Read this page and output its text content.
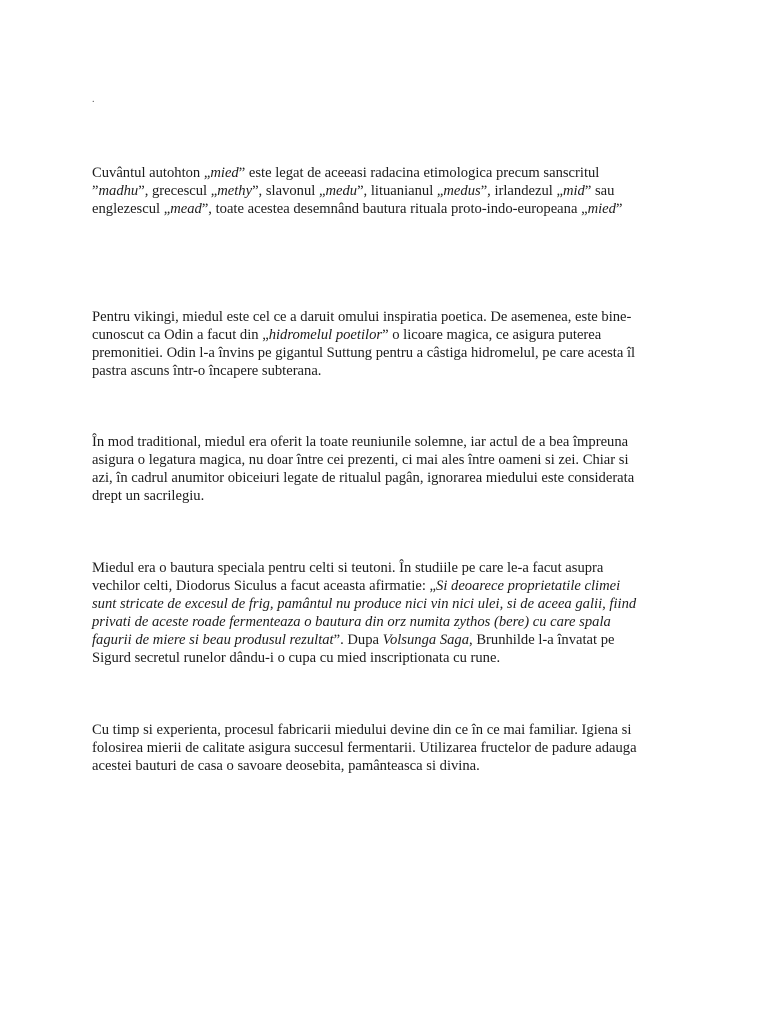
.

Cuvântul autohton „mied” este legat de aceeasi radacina etimologica precum sanscritul
”madhu”, grecescul „methy”, slavonul „medu”, lituanianul „medus”, irlandezul „mid” sau
englezescul „mead”, toate acestea desemnând bautura rituala proto-indo-europeana „mied”

Pentru vikingi, miedul este cel ce a daruit omului inspiratia poetica. De asemenea, este bine-
cunoscut ca Odin a facut din „hidromelul poetilor” o licoare magica, ce asigura puterea
premonitiei. Odin l-a învins pe gigantul Suttung pentru a câstiga hidromelul, pe care acesta îl
pastra ascuns într-o încapere subterana.

În mod traditional, miedul era oferit la toate reuniunile solemne, iar actul de a bea împreuna
asigura o legatura magica, nu doar între cei prezenti, ci mai ales între oameni si zei. Chiar si
azi, în cadrul anumitor obiceiuri legate de ritualul pagân, ignorarea miedului este considerata
drept un sacrilegiu.

Miedul era o bautura speciala pentru celti si teutoni. În studiile pe care le-a facut asupra
vechilor celti, Diodorus Siculus a facut aceasta afirmatie: „Si deoarece proprietatile climei
sunt stricate de excesul de frig, pamântul nu produce nici vin nici ulei, si de aceea galii, fiind
privati de aceste roade fermenteaza o bautura din orz numita zythos (bere) cu care spala
fagurii de miere si beau produsul rezultat”. Dupa Volsunga Saga, Brunhilde l-a învatat pe
Sigurd secretul runelor dându-i o cupa cu mied inscriptionata cu rune.

Cu timp si experienta, procesul fabricarii miedului devine din ce în ce mai familiar. Igiena si
folosirea mierii de calitate asigura succesul fermentarii. Utilizarea fructelor de padure adauga
acestei bauturi de casa o savoare deosebita, pamânteasca si divina.
